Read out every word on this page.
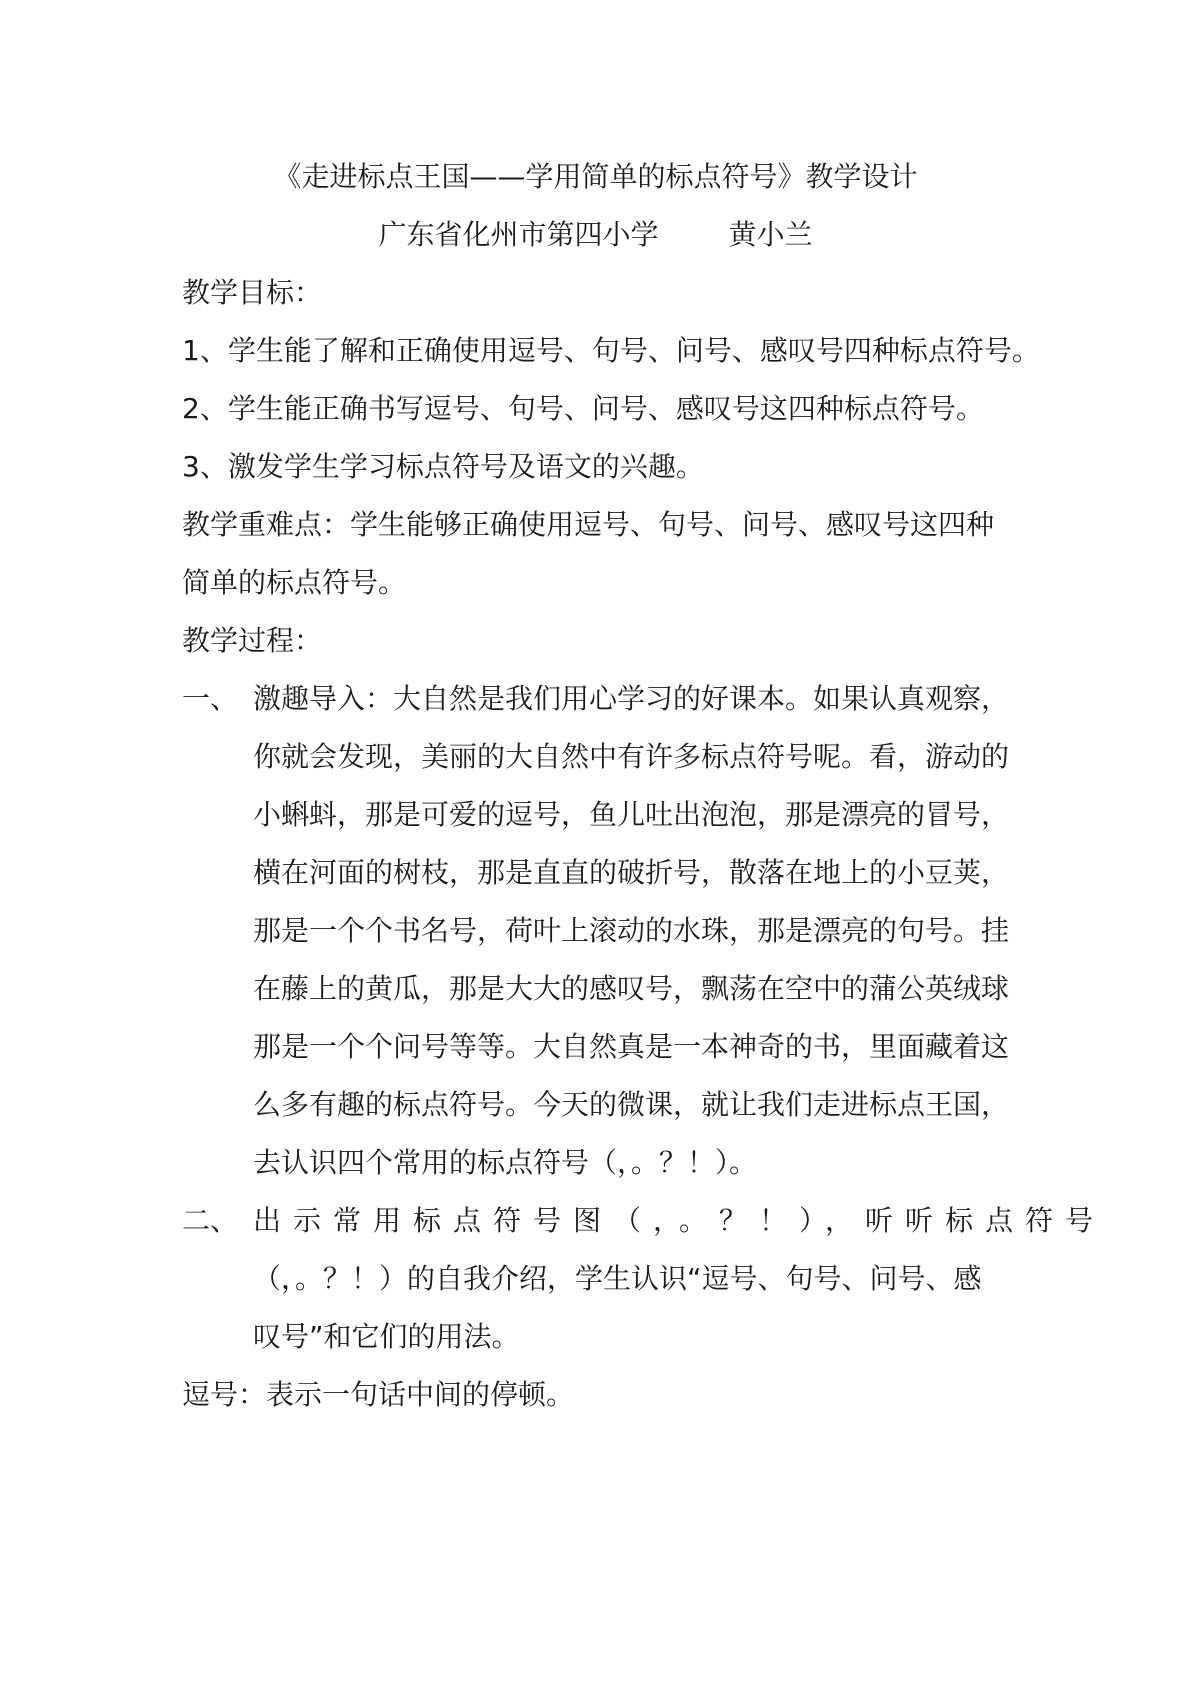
《走进标点王国——学用简单的标点符号》教学设计
广东省化州市第四小学	黄小兰
教学目标：
1、学生能了解和正确使用逗号、句号、问号、感叹号四种标点符号。
2、学生能正确书写逗号、句号、问号、感叹号这四种标点符号。
3、激发学生学习标点符号及语文的兴趣。
教学重难点：学生能够正确使用逗号、句号、问号、感叹号这四种
简单的标点符号。
教学过程：
一、 激趣导入：大自然是我们用心学习的好课本。如果认真观察，
你就会发现，美丽的大自然中有许多标点符号呢。看，游动的
小蝌蚪，那是可爱的逗号，鱼儿吐出泡泡，那是漂亮的冒号，
横在河面的树枝，那是直直的破折号，散落在地上的小豆荚，
那是一个个书名号，荷叶上滚动的水珠，那是漂亮的句号。挂
在藤上的黄瓜，那是大大的感叹号，飘荡在空中的蒲公英绒球
那是一个个问号等等。大自然真是一本神奇的书，里面藏着这
么多有趣的标点符号。今天的微课，就让我们走进标点王国，
去认识四个常用的标点符号（，。？！）。
二、 出示常用标点符号图（，。？！），听听标点符号
（，。？！）的自我介绍，学生认识“逗号、句号、问号、感
叹号”和它们的用法。
逗号：表示一句话中间的停顿。
